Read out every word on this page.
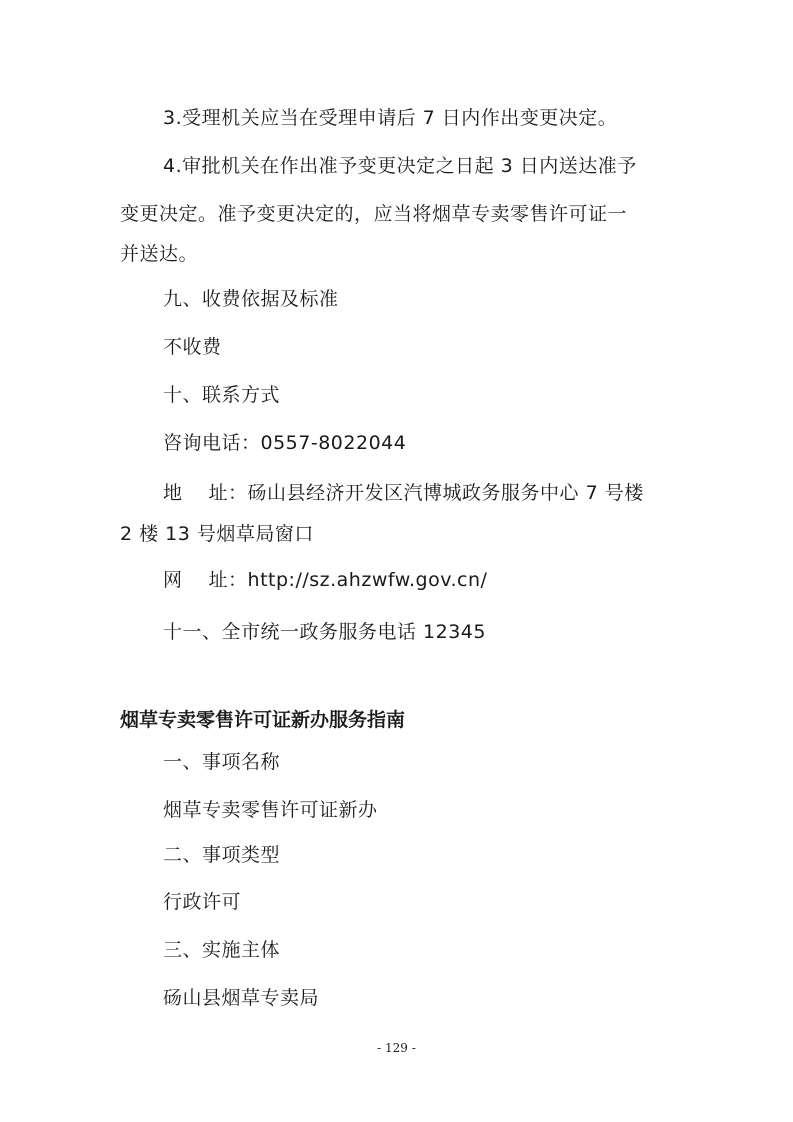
3.受理机关应当在受理申请后 7 日内作出变更决定。
4.审批机关在作出准予变更决定之日起 3 日内送达准予
变更决定。准予变更决定的，应当将烟草专卖零售许可证一
并送达。
九、收费依据及标准
不收费
十、联系方式
咨询电话：0557-8022044
地　 址：砀山县经济开发区汽博城政务服务中心 7 号楼
2 楼 13 号烟草局窗口
网　 址：http://sz.ahzwfw.gov.cn/
十一、全市统一政务服务电话 12345
烟草专卖零售许可证新办服务指南
一、事项名称
烟草专卖零售许可证新办
二、事项类型
行政许可
三、实施主体
砀山县烟草专卖局
- 129 -
